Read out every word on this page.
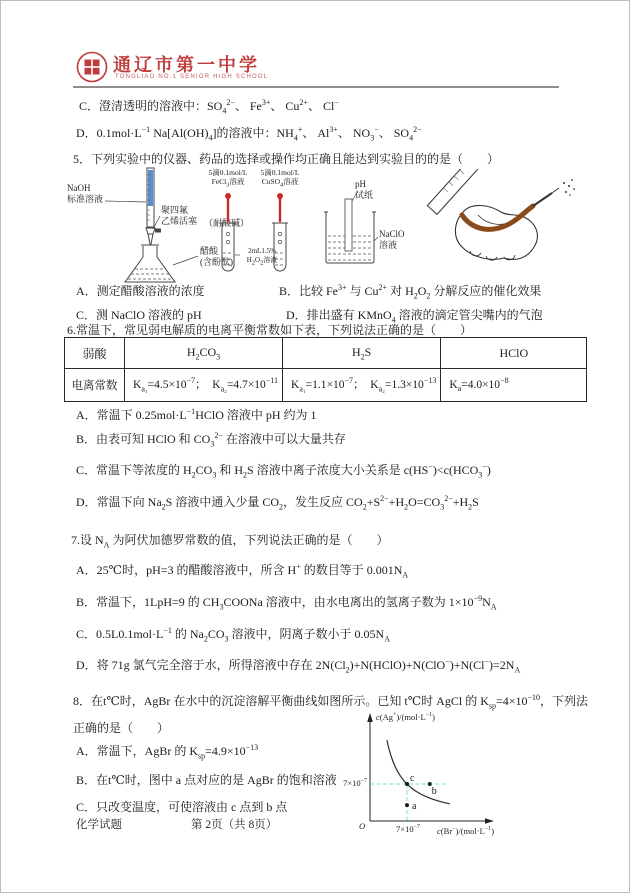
通辽市第一中学
TONGLIAO NO.1 SENIOR HIGH SCHOOL
C．澄清透明的溶液中：$SO_4^{2-}$、 $Fe^{3+}$、 $Cu^{2+}$、 Cl−
D．$0.1mol\cdot L^{-1}$ $Na[Al(OH)_4]$的溶液中：$NH_4^+$、 $Al^{3+}$、 $NO_3^-$、 $SO_4^{2-}$
5．下列实验中的仪器、药品的选择或操作均正确且能达到实验目的的是（　　）
NaOH
标准溶液
聚四氟
乙烯活塞 （耐酸碱）
醋酸
(含酚酞)
5滴0.1mol/L
FeCl$_3$溶液
5滴0.1mol/L
CuSO$_4$溶液
2mL1.5%
$H_2O_2$溶液
pH
试纸
NaClO
溶液
A．测定醋酸溶液的浓度	B．比较 $Fe^{3+}$ 与 $Cu^{2+}$ 对 $H_2O_2$ 分解反应的催化效果
C．测 NaClO 溶液的 pH	D．排出盛有 KMnO$_4$ 溶液的滴定管尖嘴内的气泡
6.常温下，常见弱电解质的电离平衡常数如下表，下列说法正确的是（　　）
弱酸	$H_2CO_3$	$H_2S$	HClO
电离常数	$K_{a_1}=4.5\times 10^{-7}$；　$K_{a_2}=4.7\times 10^{-11}$	$K_{a_1}=1.1\times 10^{-7}$；　$K_{a_2}=1.3\times 10^{-13}$	$K_a=4.0\times 10^{-8}$
A．常温下 $0.25mol\cdot L^{-1}HClO$ 溶液中 pH 约为 1
B．由表可知 HClO 和 $CO_3^{2-}$ 在溶液中可以大量共存
C．常温下等浓度的 $H_2CO_3$ 和 $H_2S$ 溶液中离子浓度大小关系是 $c(HS^-)<c(HCO_3^-)$
D．常温下向 $Na_2S$ 溶液中通入少量 $CO_2$，发生反应 $CO_2+S^{2-}+H_2O=CO_3^{2-}+H_2S$
7.设 $N_A$ 为阿伏加德罗常数的值，下列说法正确的是（　　）
A．25℃时，pH=3 的醋酸溶液中，所含 H+ 的数目等于 $0.001N_A$
B．常温下，1LpH=9 的 $CH_3COONa$ 溶液中，由水电离出的氢离子数为 $1\times 10^{-9}N_A$
C．$0.5L0.1mol\cdot L^{-1}$ 的 $Na_2CO_3$ 溶液中，阴离子数小于 $0.05N_A$
D．将 71g 氯气完全溶于水，所得溶液中存在 $2N(Cl_2)+N(HClO)+N(ClO^-)+N(Cl^-)=2N_A$
8．在t℃时，AgBr 在水中的沉淀溶解平衡曲线如图所示。已知 t℃时 AgCl 的 $K_{sp}=4\times 10^{-10}$，下列法
正确的是（　　）
A．常温下，AgBr 的 $K_{sp}=4.9\times 10^{-13}$
B．在t℃时，图中 a 点对应的是 AgBr 的饱和溶液
C．只改变温度，可使溶液由 c 点到 b 点	a
b
c
$c(Ag^+)/(mol\cdot L^{-1})$
$c(Br^-)/(mol\cdot L^{-1})$
$7\times 10^{-7}$
$7\times 10^{-7}$
O
化学试题	第 2页（共 8页）
